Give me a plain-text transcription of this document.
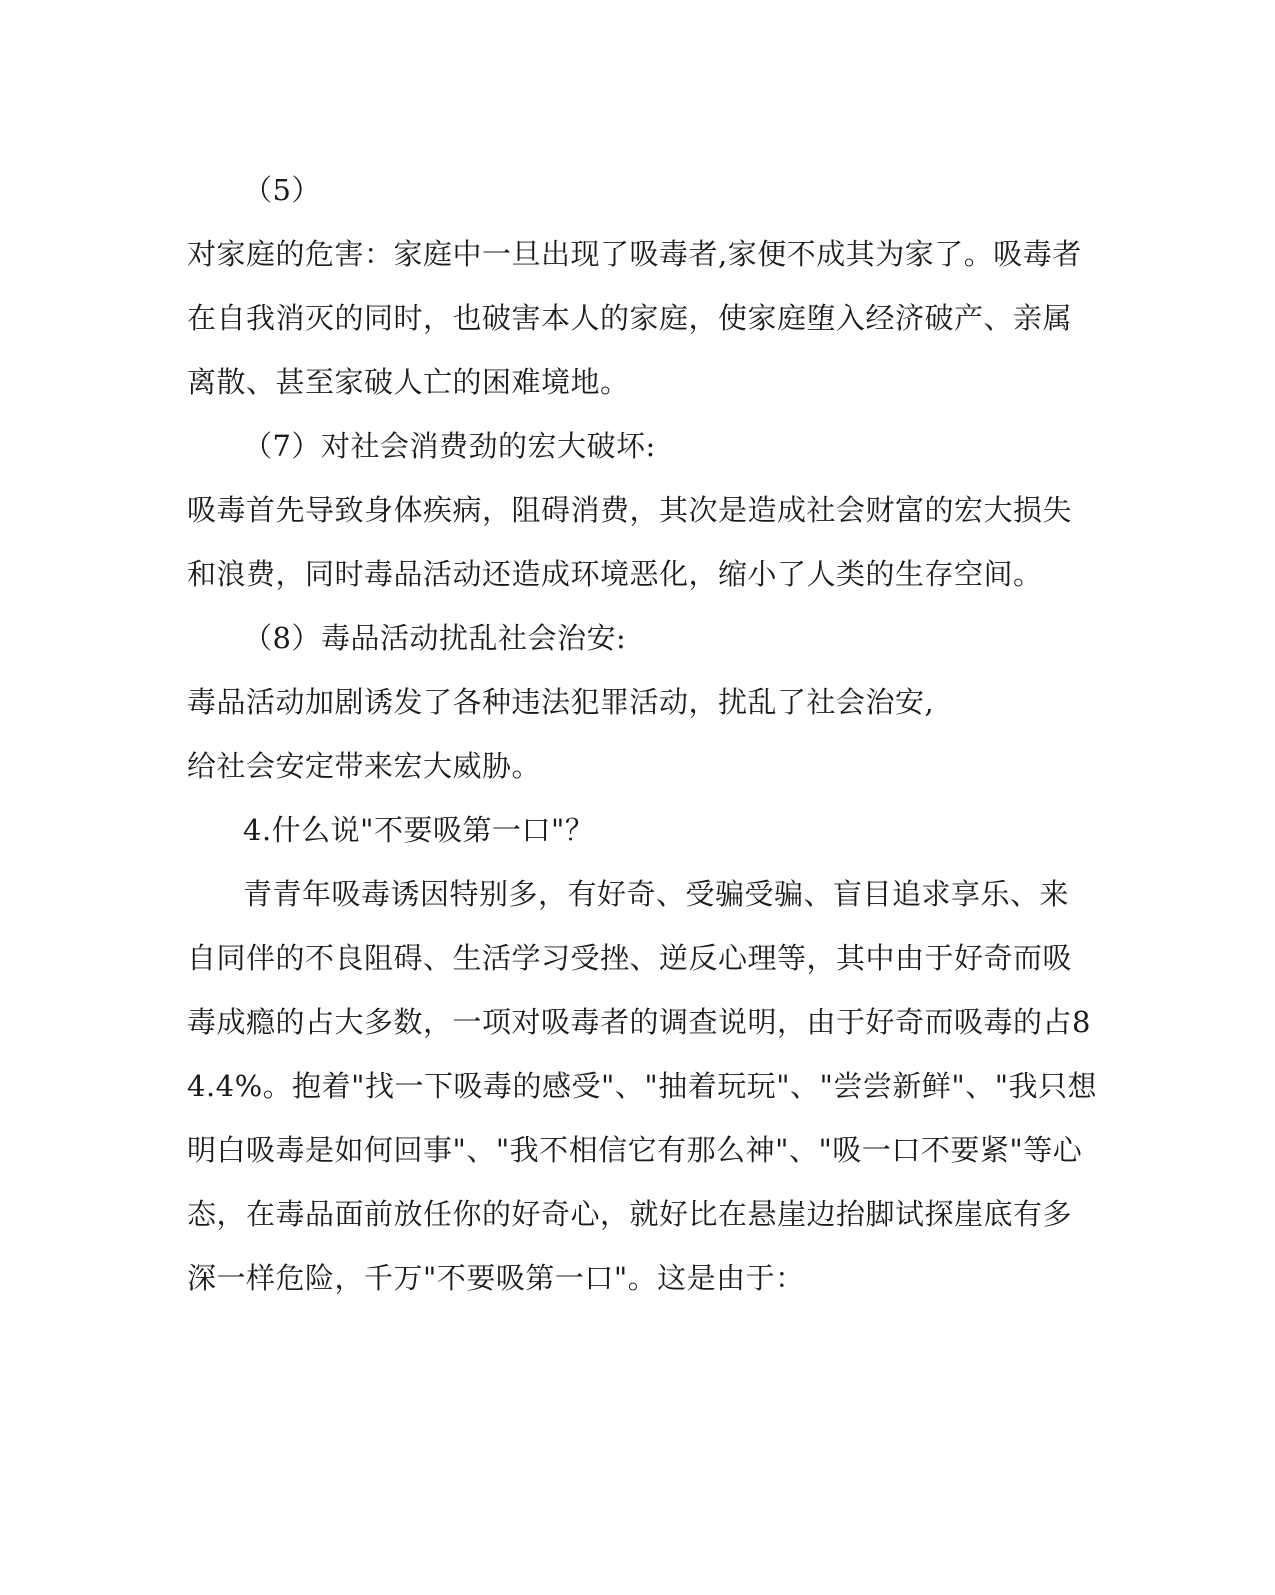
（5）
对家庭的危害：家庭中一旦出现了吸毒者,家便不成其为家了。吸毒者
在自我消灭的同时，也破害本人的家庭，使家庭堕入经济破产、亲属
离散、甚至家破人亡的困难境地。
（7）对社会消费劲的宏大破坏:
吸毒首先导致身体疾病，阻碍消费，其次是造成社会财富的宏大损失
和浪费，同时毒品活动还造成环境恶化，缩小了人类的生存空间。
（8）毒品活动扰乱社会治安:
毒品活动加剧诱发了各种违法犯罪活动，扰乱了社会治安,
给社会安定带来宏大威胁。
4.什么说"不要吸第一口"？
青青年吸毒诱因特别多，有好奇、受骗受骗、盲目追求享乐、来
自同伴的不良阻碍、生活学习受挫、逆反心理等，其中由于好奇而吸
毒成瘾的占大多数，一项对吸毒者的调查说明，由于好奇而吸毒的占8
4.4%。抱着"找一下吸毒的感受"、"抽着玩玩"、"尝尝新鲜"、"我只想
明白吸毒是如何回事"、"我不相信它有那么神"、"吸一口不要紧"等心
态，在毒品面前放任你的好奇心，就好比在悬崖边抬脚试探崖底有多
深一样危险，千万"不要吸第一口"。这是由于：
